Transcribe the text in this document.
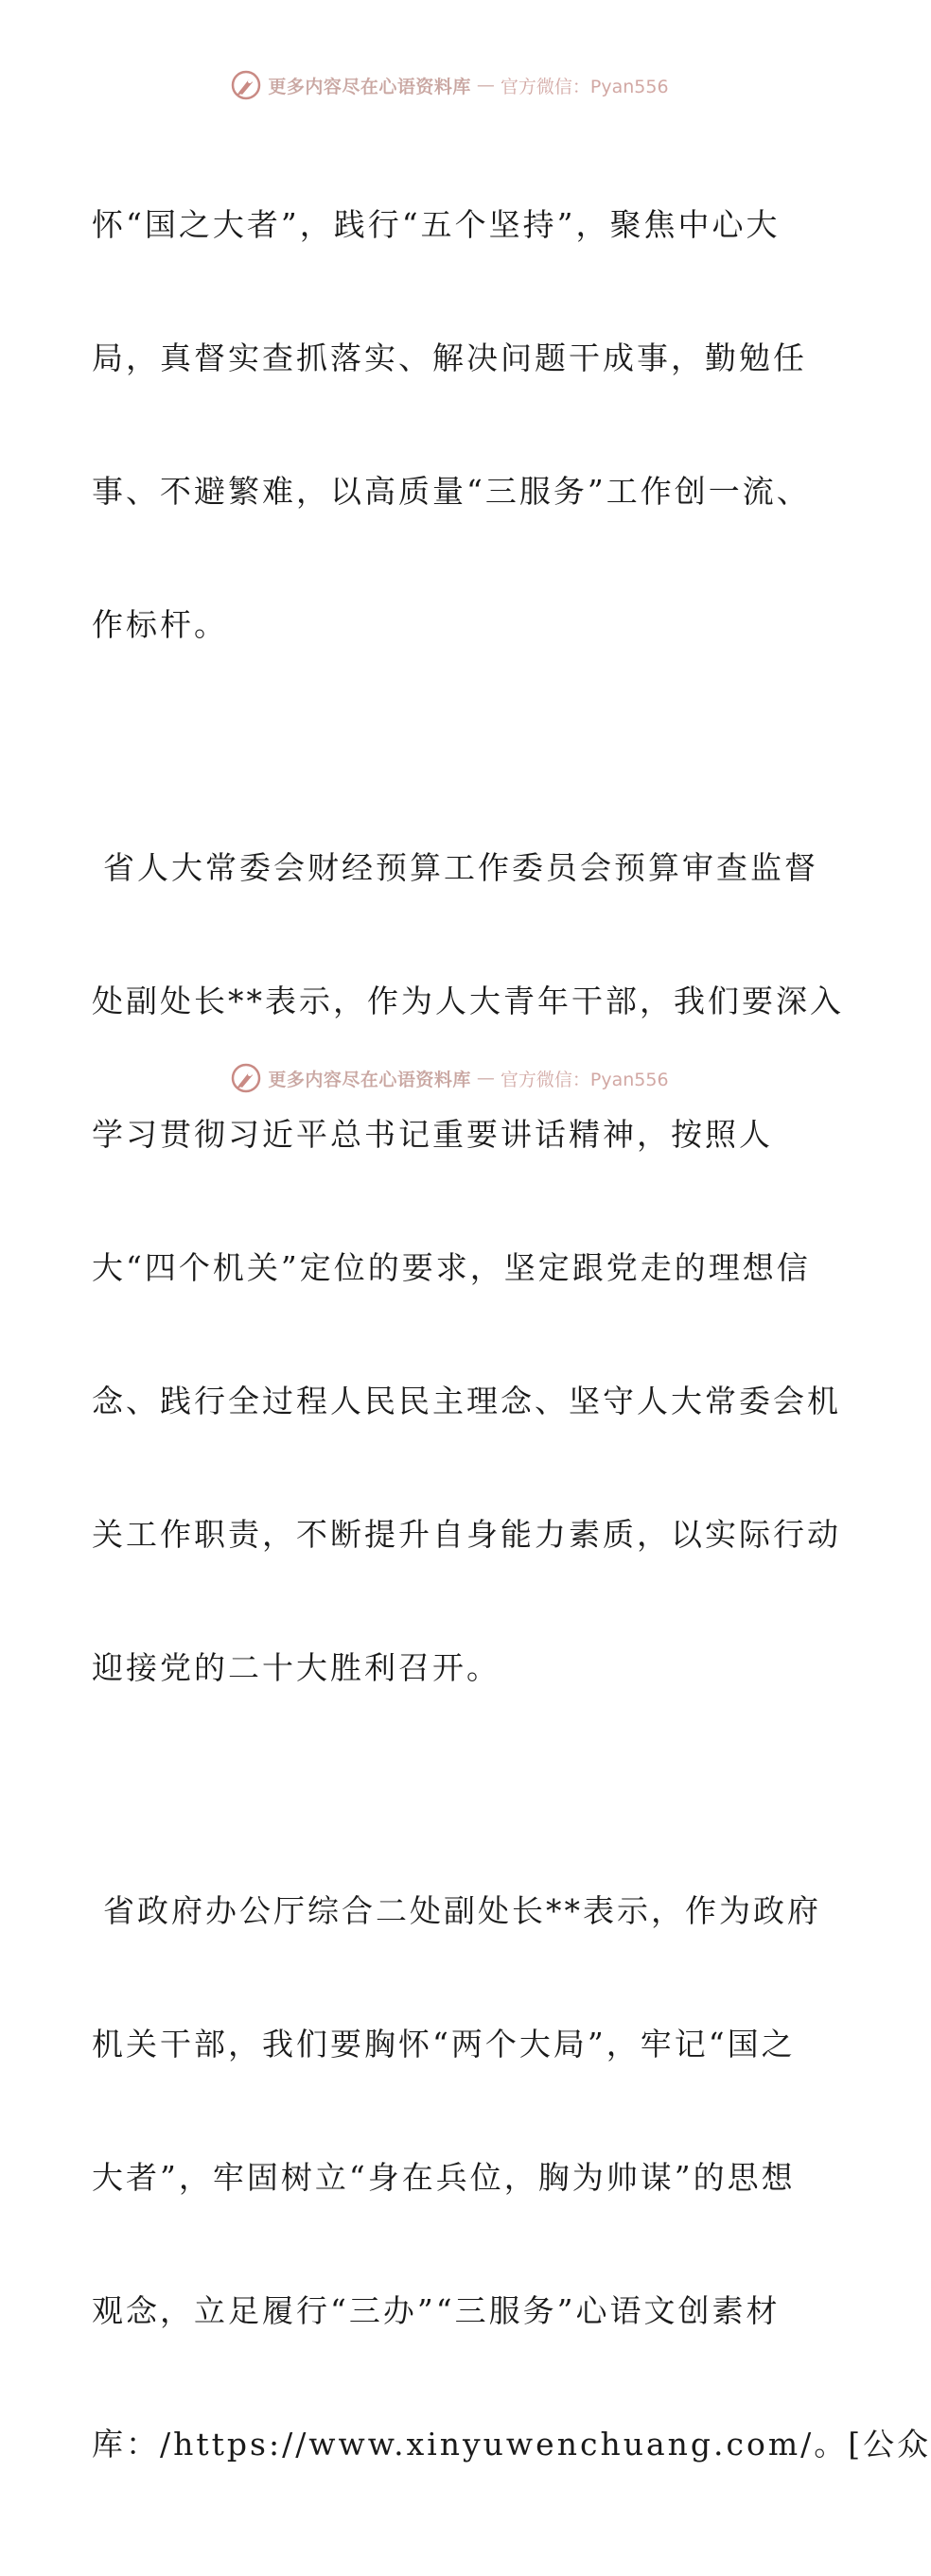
更多内容尽在心语资料库 — 官方微信：Pyan556

怀“国之大者”，践行“五个坚持”，聚焦中心大

局，真督实查抓落实、解决问题干成事，勤勉任

事、不避繁难，以高质量“三服务”工作创一流、

作标杆。

省人大常委会财经预算工作委员会预算审查监督

处副处长**表示，作为人大青年干部，我们要深入

学习贯彻习近平总书记重要讲话精神，按照人

大“四个机关”定位的要求，坚定跟党走的理想信

念、践行全过程人民民主理念、坚守人大常委会机

关工作职责，不断提升自身能力素质，以实际行动

迎接党的二十大胜利召开。

省政府办公厅综合二处副处长**表示，作为政府

机关干部，我们要胸怀“两个大局”，牢记“国之

大者”，牢固树立“身在兵位，胸为帅谋”的思想

观念，立足履行“三办”“三服务”心语文创素材

库：/https://www.xinyuwenchuang.com/。[公众

更多内容尽在心语资料库 — 官方微信：Pyan556
